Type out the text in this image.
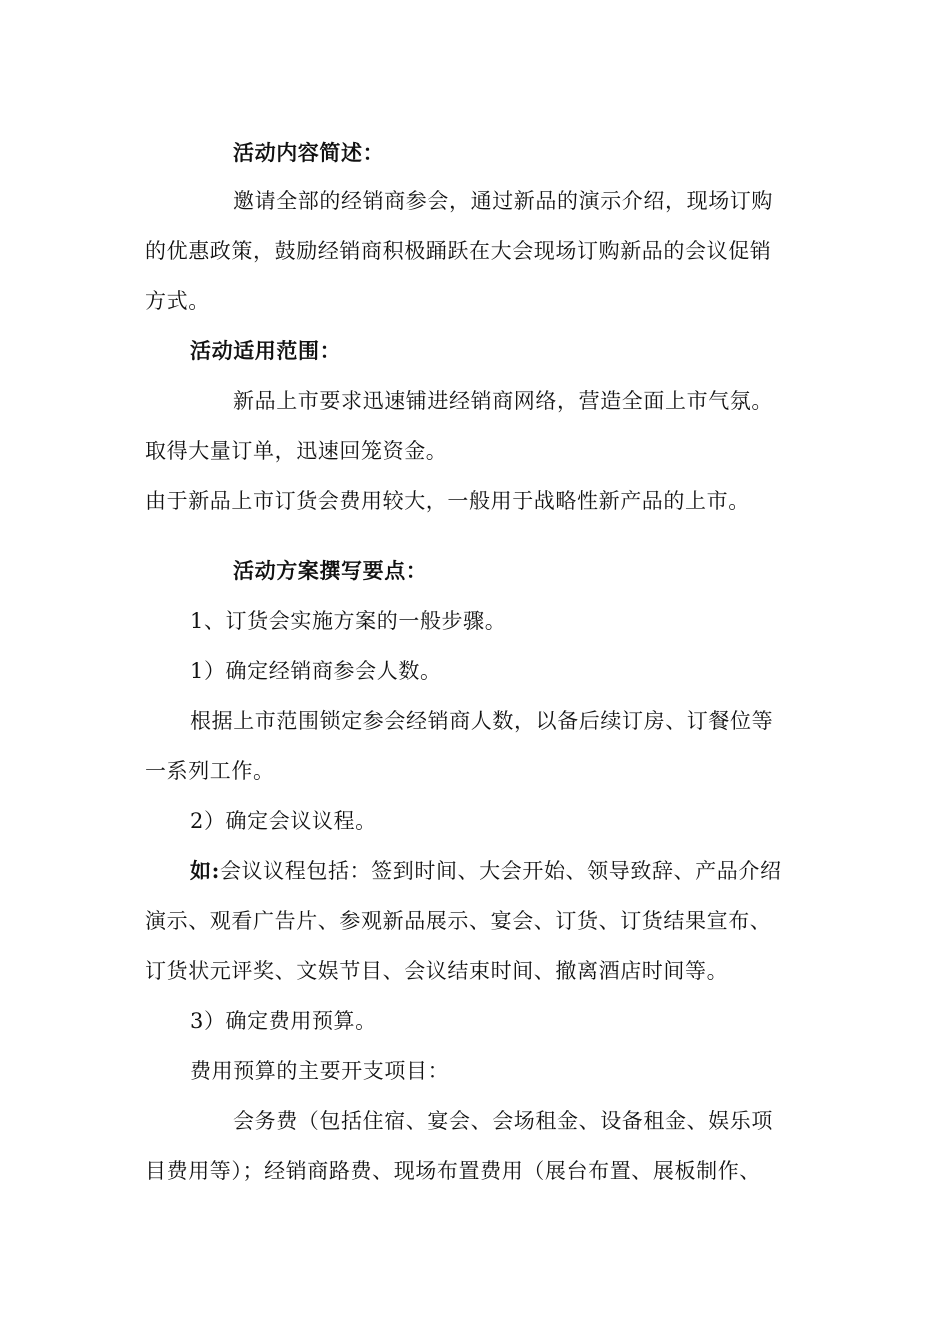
活动内容简述：
邀请全部的经销商参会，通过新品的演示介绍，现场订购
的优惠政策，鼓励经销商积极踊跃在大会现场订购新品的会议促销
方式。
活动适用范围：
新品上市要求迅速铺进经销商网络，营造全面上市气氛。
取得大量订单，迅速回笼资金。
由于新品上市订货会费用较大，一般用于战略性新产品的上市。
活动方案撰写要点：
1、订货会实施方案的一般步骤。
1）确定经销商参会人数。
根据上市范围锁定参会经销商人数，以备后续订房、订餐位等
一系列工作。
2）确定会议议程。
如:会议议程包括：签到时间、大会开始、领导致辞、产品介绍
演示、观看广告片、参观新品展示、宴会、订货、订货结果宣布、
订货状元评奖、文娱节目、会议结束时间、撤离酒店时间等。
3）确定费用预算。
费用预算的主要开支项目：
会务费（包括住宿、宴会、会场租金、设备租金、娱乐项
目费用等）；经销商路费、现场布置费用（展台布置、展板制作、
